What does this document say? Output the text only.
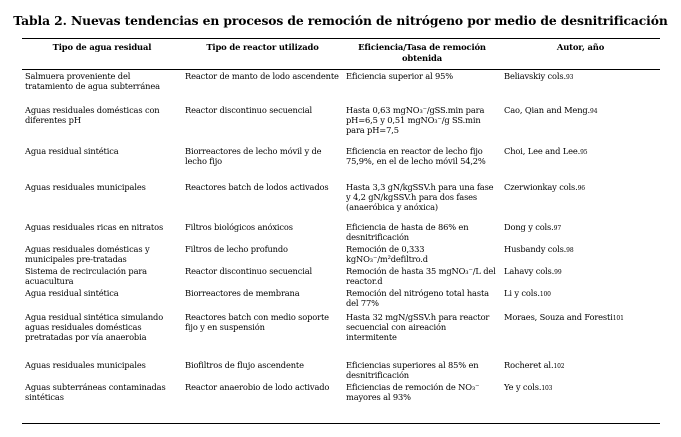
Tabla 2. Nuevas tendencias en procesos de remoción de nitrógeno por medio de desnitrificación
Tipo de agua residual	Tipo de reactor utilizado	Eficiencia/Tasa de remoción obtenida	Autor, año
Salmuera proveniente del tratamiento de agua subterránea	Reactor de manto de lodo ascendente	Eficiencia superior al 95%	Beliavskiy cols.93
Aguas residuales domésticas con diferentes pH	Reactor discontinuo secuencial	Hasta 0,63 mgNO₃⁻/gSS.min para pH=6,5 y 0,51 mgNO₃⁻/g SS.min para pH=7,5	Cao, Qian and Meng.94
Agua residual sintética	Biorreactores de lecho móvil y de lecho fijo	Eficiencia en reactor de lecho fijo 75,9%, en el de lecho móvil 54,2%	Choi, Lee and Lee.95
Aguas residuales municipales	Reactores batch de lodos activados	Hasta 3,3 gN/kgSSV.h para una fase y 4,2 gN/kgSSV.h para dos fases (anaeróbica y anóxica)	Czerwionkay cols.96
Aguas residuales ricas en nitratos	Filtros biológicos anóxicos	Eficiencia de hasta de 86% en desnitrificación	Dong y cols.97
Aguas residuales domésticas y municipales pre-tratadas	Filtros de lecho profundo	Remoción de 0,333 kgNO₃⁻/m²defiltro.d	Husbandy cols.98
Sistema de recirculación para acuacultura	Reactor discontinuo secuencial	Remoción de hasta 35 mgNO₃⁻/L del reactor.d	Lahavy cols.99
Agua residual sintética	Biorreactores de membrana	Remoción del nitrógeno total hasta del 77%	Li y cols.100
Agua residual sintética simulando aguas residuales domésticas pretratadas por vía anaerobia	Reactores batch con medio soporte fijo y en suspensión	Hasta 32 mgN/gSSV.h para reactor secuencial con aireación intermitente	Moraes, Souza and Foresti101
Aguas residuales municipales	Biofiltros de flujo ascendente	Eficiencias superiores al 85% en desnitrificación	Rocheret al.102
Aguas subterráneas contaminadas sintéticas	Reactor anaerobio de lodo activado	Eficiencias de remoción de NO₃⁻ mayores al 93%	Ye y cols.103
